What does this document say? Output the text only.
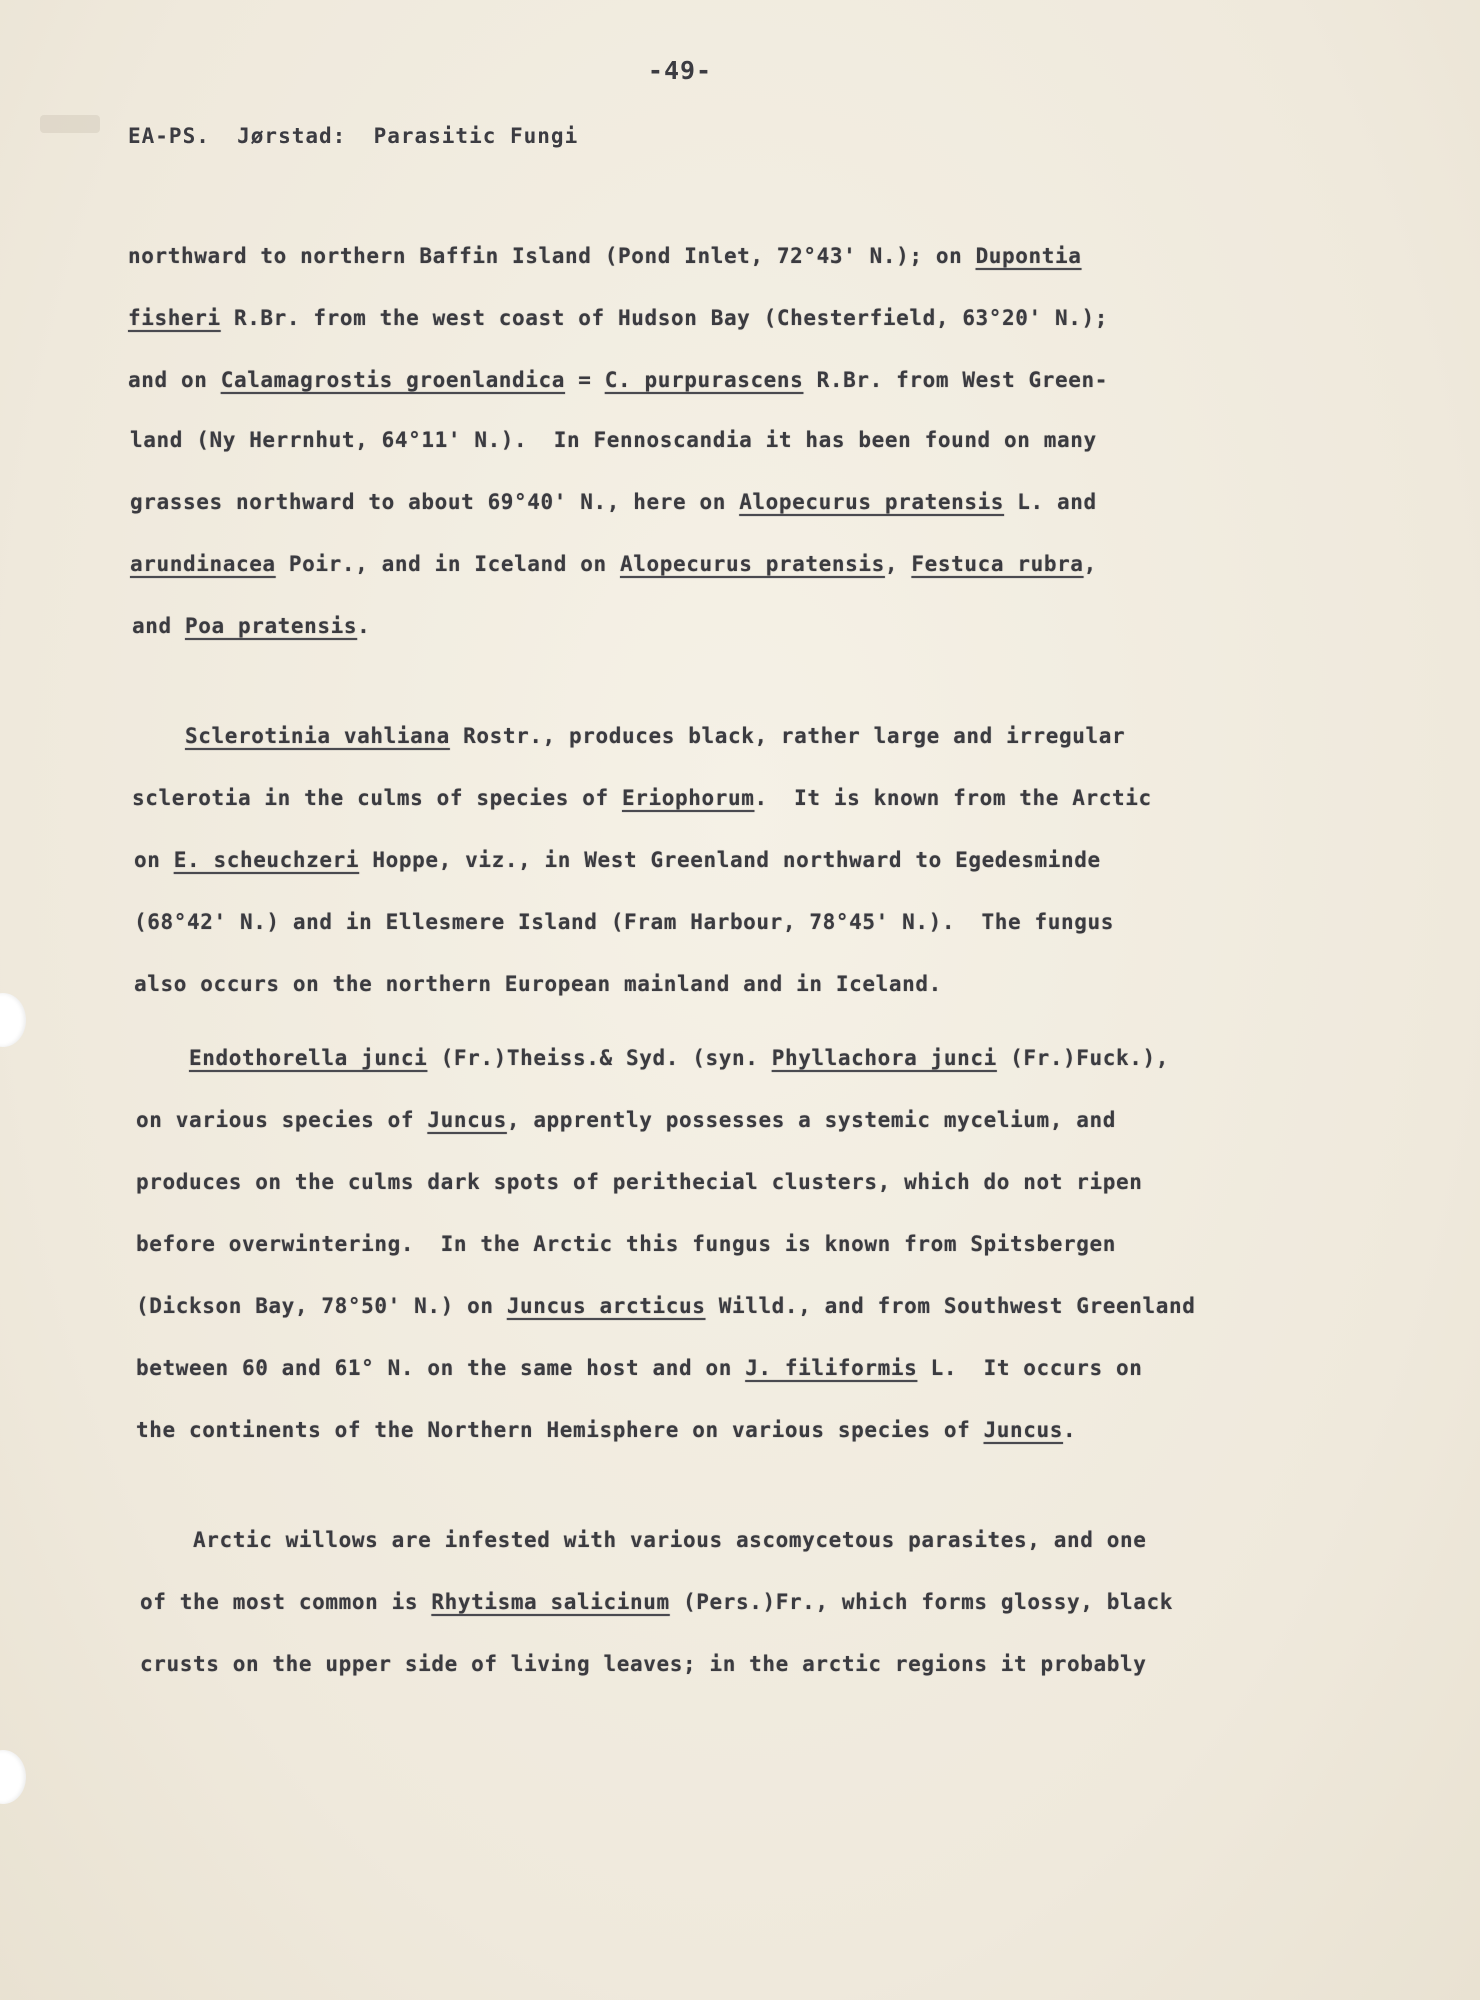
-49-
EA-PS.  Jørstad:  Parasitic Fungi
northward to northern Baffin Island (Pond Inlet, 72°43' N.); on Dupontia
fisheri R.Br. from the west coast of Hudson Bay (Chesterfield, 63°20' N.);
and on Calamagrostis groenlandica = C. purpurascens R.Br. from West Green-
land (Ny Herrnhut, 64°11' N.).  In Fennoscandia it has been found on many
grasses northward to about 69°40' N., here on Alopecurus pratensis L. and
arundinacea Poir., and in Iceland on Alopecurus pratensis, Festuca rubra,
and Poa pratensis.
Sclerotinia vahliana Rostr., produces black, rather large and irregular
sclerotia in the culms of species of Eriophorum.  It is known from the Arctic
on E. scheuchzeri Hoppe, viz., in West Greenland northward to Egedesminde
(68°42' N.) and in Ellesmere Island (Fram Harbour, 78°45' N.).  The fungus
also occurs on the northern European mainland and in Iceland.
Endothorella junci (Fr.)Theiss.& Syd. (syn. Phyllachora junci (Fr.)Fuck.),
on various species of Juncus, apprently possesses a systemic mycelium, and
produces on the culms dark spots of perithecial clusters, which do not ripen
before overwintering.  In the Arctic this fungus is known from Spitsbergen
(Dickson Bay, 78°50' N.) on Juncus arcticus Willd., and from Southwest Greenland
between 60 and 61° N. on the same host and on J. filiformis L.  It occurs on
the continents of the Northern Hemisphere on various species of Juncus.
Arctic willows are infested with various ascomycetous parasites, and one
of the most common is Rhytisma salicinum (Pers.)Fr., which forms glossy, black
crusts on the upper side of living leaves; in the arctic regions it probably
